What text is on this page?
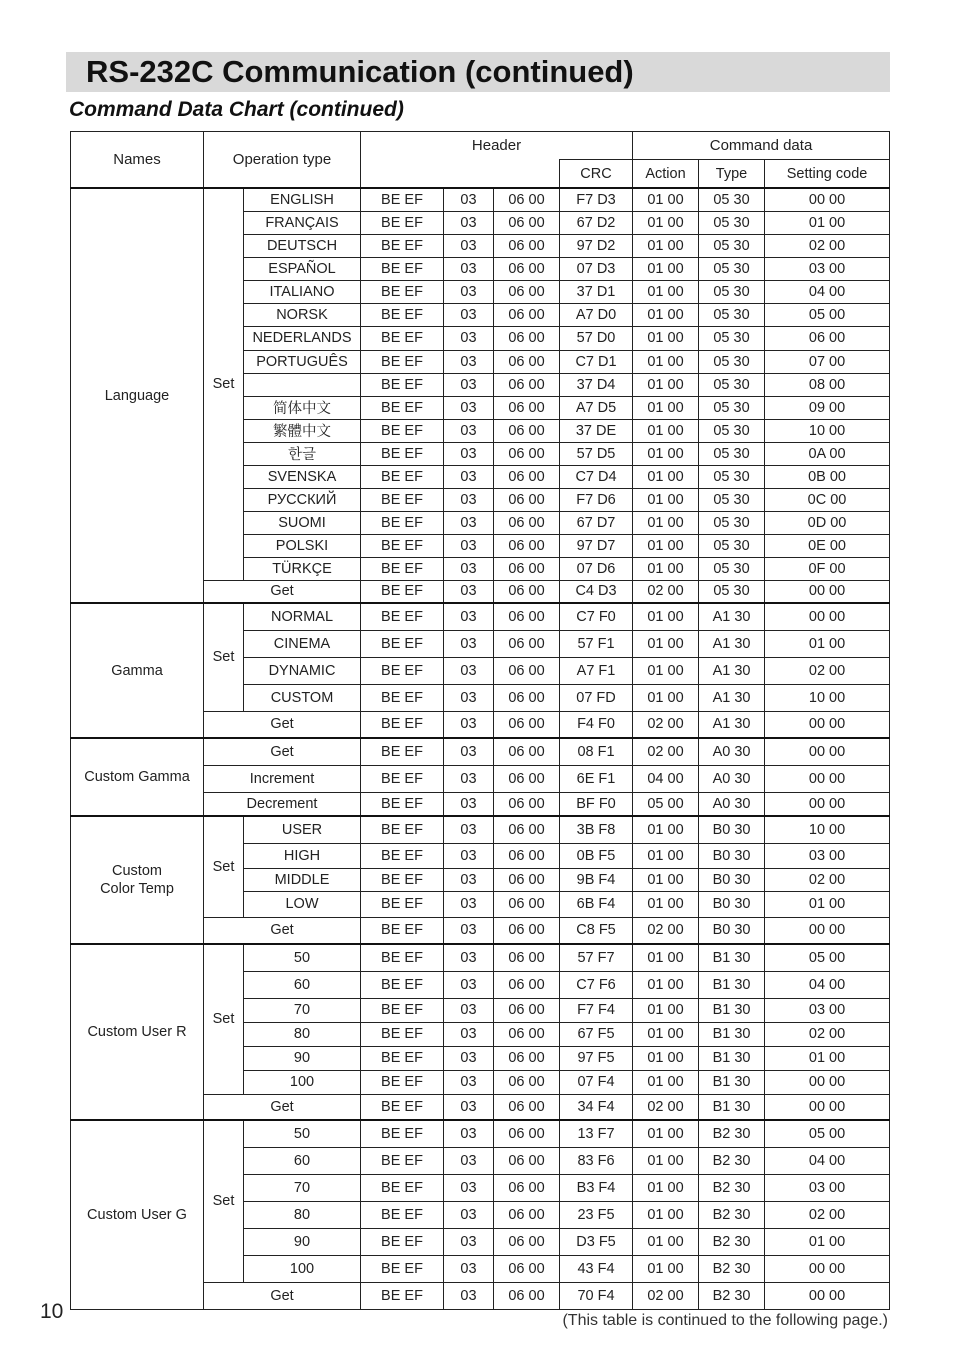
RS-232C Communication (continued)
Command Data Chart (continued)
Names	Operation type		Header				Command data		
						CRC	Action	Type	Setting code
Language	Set	ENGLISH	BE EF	03	06 00	F7 D3	01 00	05 30	00 00
		FRANÇAIS	BE EF	03	06 00	67 D2	01 00	05 30	01 00
		DEUTSCH	BE EF	03	06 00	97 D2	01 00	05 30	02 00
		ESPAÑOL	BE EF	03	06 00	07 D3	01 00	05 30	03 00
		ITALIANO	BE EF	03	06 00	37 D1	01 00	05 30	04 00
		NORSK	BE EF	03	06 00	A7 D0	01 00	05 30	05 00
		NEDERLANDS	BE EF	03	06 00	57 D0	01 00	05 30	06 00
		PORTUGUÊS	BE EF	03	06 00	C7 D1	01 00	05 30	07 00
			BE EF	03	06 00	37 D4	01 00	05 30	08 00
		简体中文	BE EF	03	06 00	A7 D5	01 00	05 30	09 00
		繁體中文	BE EF	03	06 00	37 DE	01 00	05 30	10 00
		한글	BE EF	03	06 00	57 D5	01 00	05 30	0A 00
		SVENSKA	BE EF	03	06 00	C7 D4	01 00	05 30	0B 00
		РУССКИЙ	BE EF	03	06 00	F7 D6	01 00	05 30	0C 00
		SUOMI	BE EF	03	06 00	67 D7	01 00	05 30	0D 00
		POLSKI	BE EF	03	06 00	97 D7	01 00	05 30	0E 00
		TÜRKÇE	BE EF	03	06 00	07 D6	01 00	05 30	0F 00
	Get		BE EF	03	06 00	C4 D3	02 00	05 30	00 00
Gamma	Set	NORMAL	BE EF	03	06 00	C7 F0	01 00	A1 30	00 00
		CINEMA	BE EF	03	06 00	57 F1	01 00	A1 30	01 00
		DYNAMIC	BE EF	03	06 00	A7 F1	01 00	A1 30	02 00
		CUSTOM	BE EF	03	06 00	07 FD	01 00	A1 30	10 00
	Get		BE EF	03	06 00	F4 F0	02 00	A1 30	00 00
Custom Gamma	Get		BE EF	03	06 00	08 F1	02 00	A0 30	00 00
	Increment		BE EF	03	06 00	6E F1	04 00	A0 30	00 00
	Decrement		BE EF	03	06 00	BF F0	05 00	A0 30	00 00
Custom
Color Temp	Set	USER	BE EF	03	06 00	3B F8	01 00	B0 30	10 00
		HIGH	BE EF	03	06 00	0B F5	01 00	B0 30	03 00
		MIDDLE	BE EF	03	06 00	9B F4	01 00	B0 30	02 00
		LOW	BE EF	03	06 00	6B F4	01 00	B0 30	01 00
	Get		BE EF	03	06 00	C8 F5	02 00	B0 30	00 00
Custom User R	Set	50	BE EF	03	06 00	57 F7	01 00	B1 30	05 00
		60	BE EF	03	06 00	C7 F6	01 00	B1 30	04 00
		70	BE EF	03	06 00	F7 F4	01 00	B1 30	03 00
		80	BE EF	03	06 00	67 F5	01 00	B1 30	02 00
		90	BE EF	03	06 00	97 F5	01 00	B1 30	01 00
		100	BE EF	03	06 00	07 F4	01 00	B1 30	00 00
	Get		BE EF	03	06 00	34 F4	02 00	B1 30	00 00
Custom User G	Set	50	BE EF	03	06 00	13 F7	01 00	B2 30	05 00
		60	BE EF	03	06 00	83 F6	01 00	B2 30	04 00
		70	BE EF	03	06 00	B3 F4	01 00	B2 30	03 00
		80	BE EF	03	06 00	23 F5	01 00	B2 30	02 00
		90	BE EF	03	06 00	D3 F5	01 00	B2 30	01 00
		100	BE EF	03	06 00	43 F4	01 00	B2 30	00 00
	Get		BE EF	03	06 00	70 F4	02 00	B2 30	00 00
10	(This table is continued to the following page.)
